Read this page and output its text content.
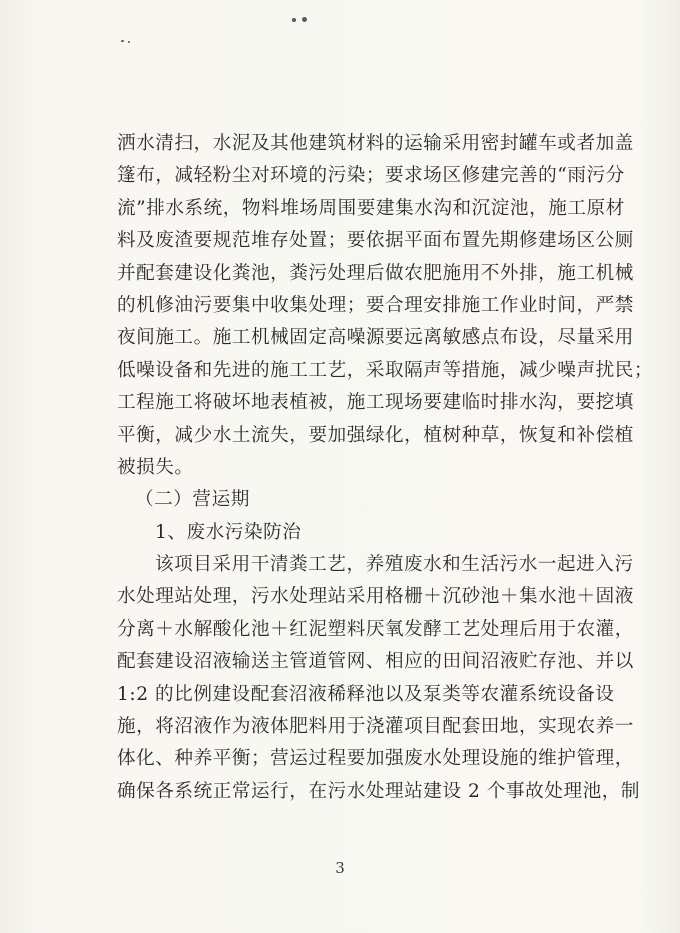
洒水清扫，水泥及其他建筑材料的运输采用密封罐车或者加盖
篷布，减轻粉尘对环境的污染；要求场区修建完善的“雨污分
流”排水系统，物料堆场周围要建集水沟和沉淀池，施工原材
料及废渣要规范堆存处置；要依据平面布置先期修建场区公厕
并配套建设化粪池，粪污处理后做农肥施用不外排，施工机械
的机修油污要集中收集处理；要合理安排施工作业时间，严禁
夜间施工。施工机械固定高噪源要远离敏感点布设，尽量采用
低噪设备和先进的施工工艺，采取隔声等措施，减少噪声扰民；
工程施工将破坏地表植被，施工现场要建临时排水沟，要挖填
平衡，减少水土流失，要加强绿化，植树种草，恢复和补偿植
被损失。
（二）营运期
1、废水污染防治
该项目采用干清粪工艺，养殖废水和生活污水一起进入污
水处理站处理，污水处理站采用格栅＋沉砂池＋集水池＋固液
分离＋水解酸化池＋红泥塑料厌氧发酵工艺处理后用于农灌，
配套建设沼液输送主管道管网、相应的田间沼液贮存池、并以
1:2 的比例建设配套沼液稀释池以及泵类等农灌系统设备设
施，将沼液作为液体肥料用于浇灌项目配套田地，实现农养一
体化、种养平衡；营运过程要加强废水处理设施的维护管理，
确保各系统正常运行，在污水处理站建设 2 个事故处理池，制
3
